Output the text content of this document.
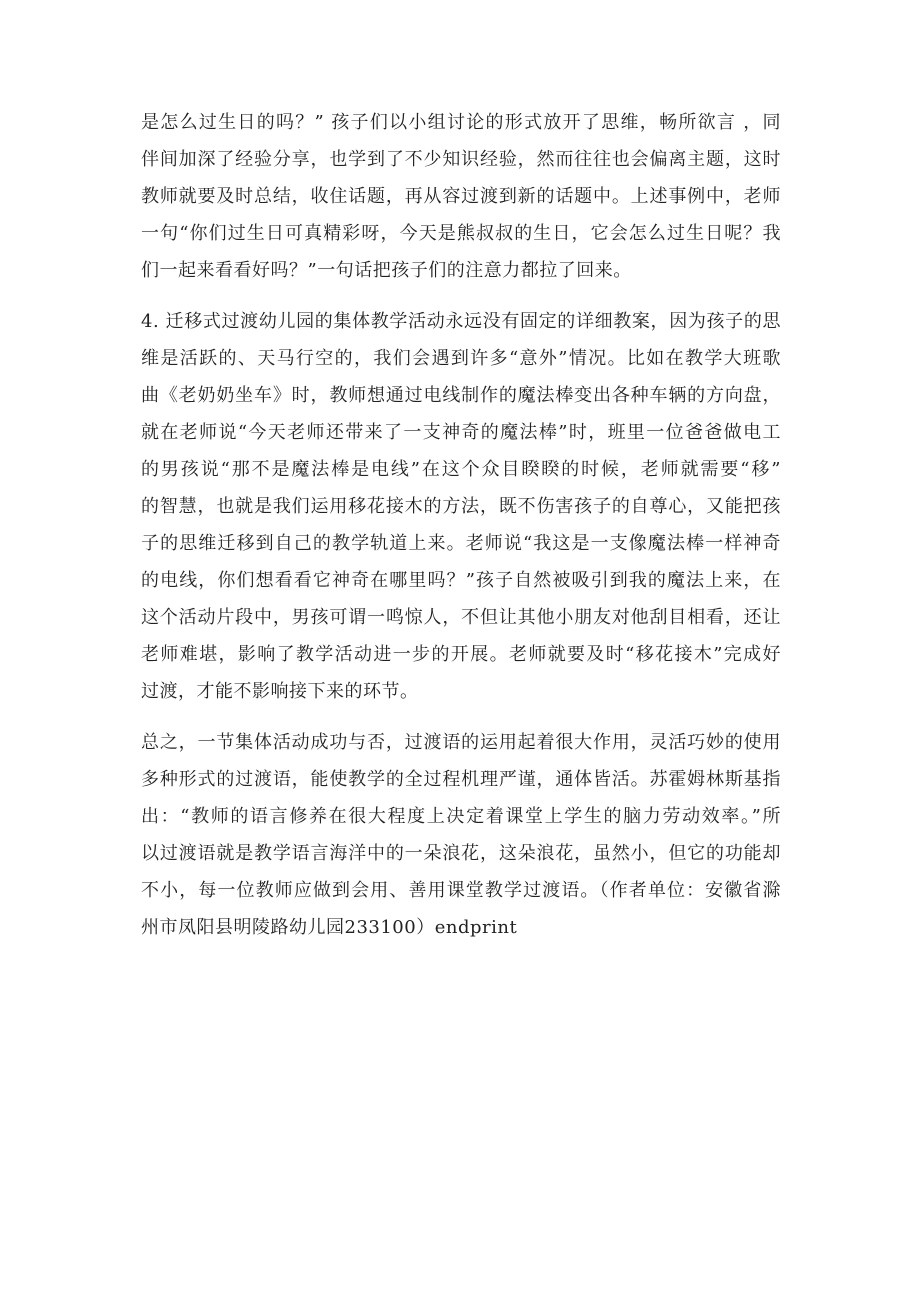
是怎么过生日的吗？” 孩子们以小组讨论的形式放开了思维，畅所欲言 ，同
伴间加深了经验分享，也学到了不少知识经验，然而往往也会偏离主题，这时
教师就要及时总结，收住话题，再从容过渡到新的话题中。上述事例中，老师
一句“你们过生日可真精彩呀，今天是熊叔叔的生日，它会怎么过生日呢？我
们一起来看看好吗？”一句话把孩子们的注意力都拉了回来。
4. 迁移式过渡幼儿园的集体教学活动永远没有固定的详细教案，因为孩子的思
维是活跃的、天马行空的，我们会遇到许多“意外”情况。比如在教学大班歌
曲《老奶奶坐车》时，教师想通过电线制作的魔法棒变出各种车辆的方向盘，
就在老师说“今天老师还带来了一支神奇的魔法棒”时，班里一位爸爸做电工
的男孩说“那不是魔法棒是电线”在这个众目睽睽的时候，老师就需要“移”
的智慧，也就是我们运用移花接木的方法，既不伤害孩子的自尊心，又能把孩
子的思维迁移到自己的教学轨道上来。老师说“我这是一支像魔法棒一样神奇
的电线，你们想看看它神奇在哪里吗？”孩子自然被吸引到我的魔法上来，在
这个活动片段中，男孩可谓一鸣惊人，不但让其他小朋友对他刮目相看，还让
老师难堪，影响了教学活动进一步的开展。老师就要及时“移花接木”完成好
过渡，才能不影响接下来的环节。
总之，一节集体活动成功与否，过渡语的运用起着很大作用，灵活巧妙的使用
多种形式的过渡语，能使教学的全过程机理严谨，通体皆活。苏霍姆林斯基指
出：“教师的语言修养在很大程度上决定着课堂上学生的脑力劳动效率。”所
以过渡语就是教学语言海洋中的一朵浪花，这朵浪花，虽然小，但它的功能却
不小，每一位教师应做到会用、善用课堂教学过渡语。（作者单位：安徽省滁
州市凤阳县明陵路幼儿园233100）endprint
